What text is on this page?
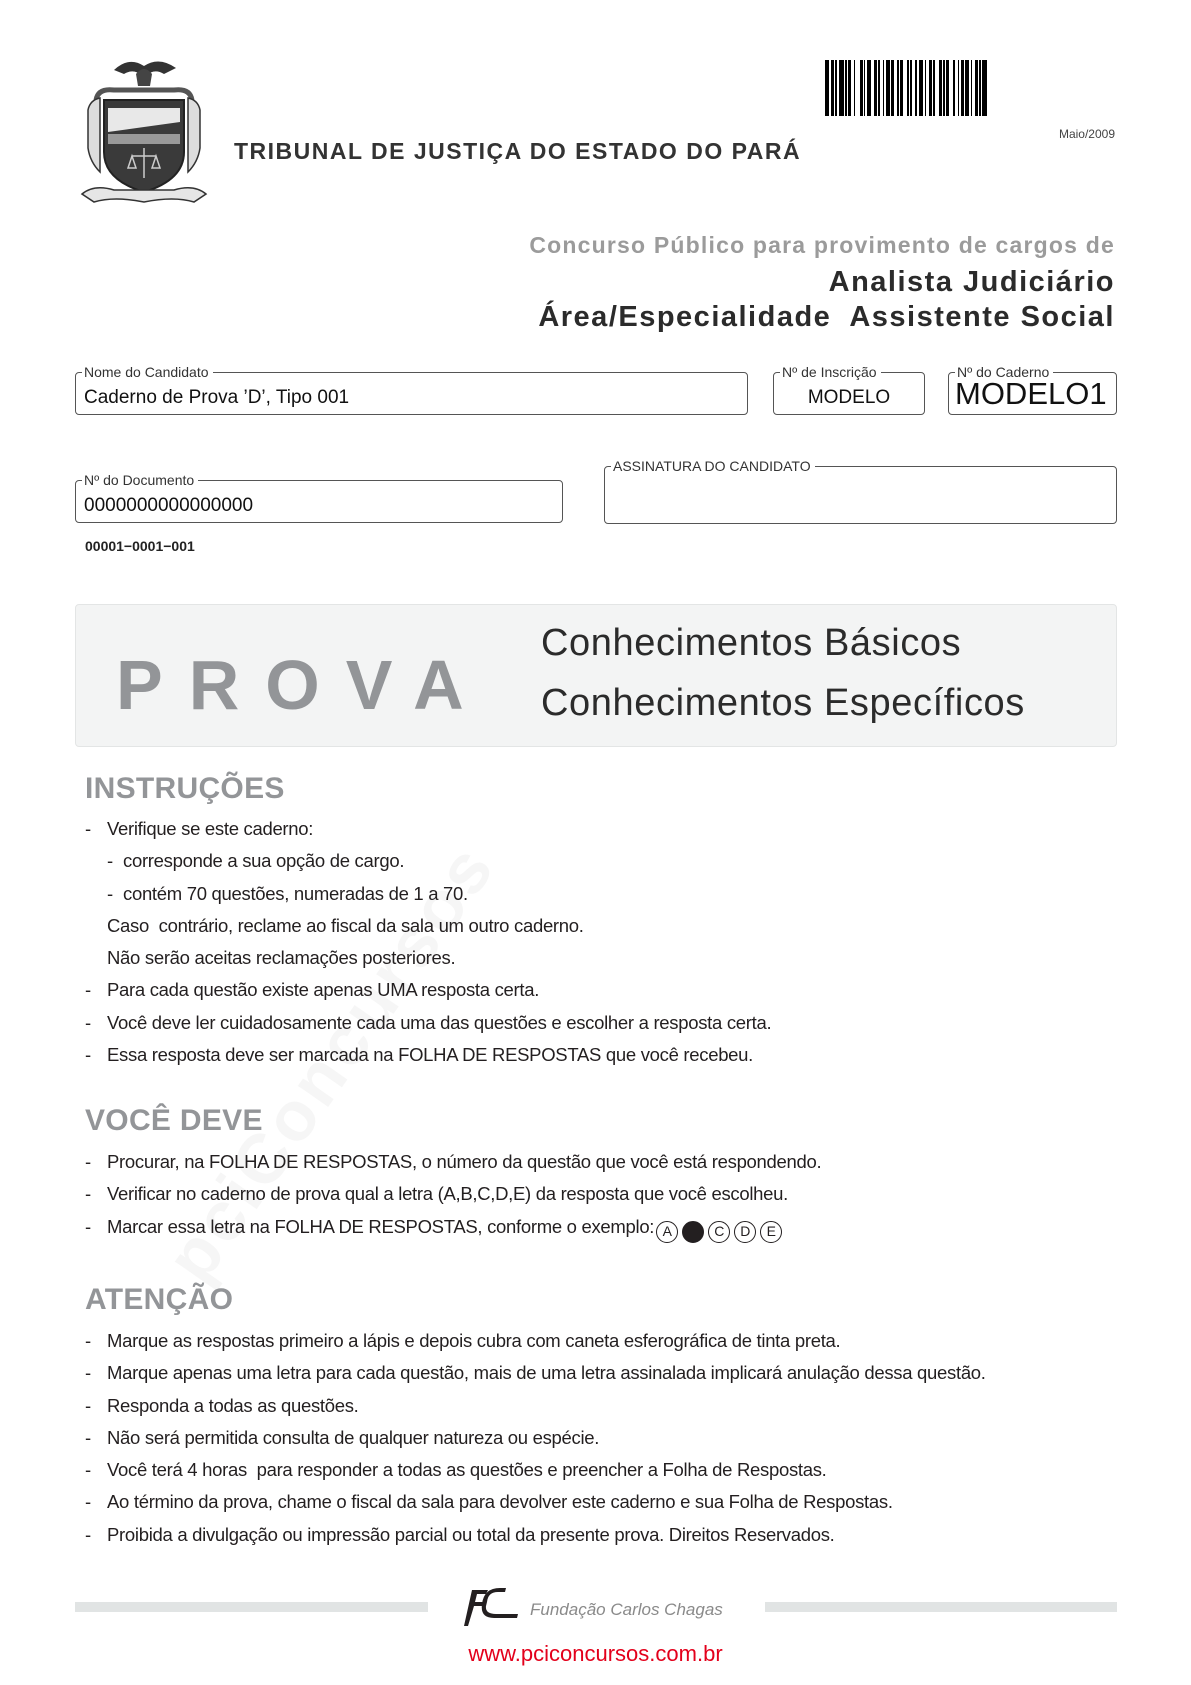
Maio/2009
TRIBUNAL DE JUSTIÇA DO ESTADO DO PARÁ
Concurso Público para provimento de cargos de
Analista Judiciário
Área/Especialidade  Assistente Social
Nome do Candidato
Caderno de Prova ’D’, Tipo 001
Nº de Inscrição
MODELO
Nº do Caderno
MODELO1
Nº do Documento
0000000000000000
ASSINATURA DO CANDIDATO
00001−0001−001
PROVA
Conhecimentos Básicos
Conhecimentos Específicos
INSTRUÇÕES
- Verifique se este caderno:
- corresponde a sua opção de cargo.
- contém 70 questões, numeradas de 1 a 70.
Caso  contrário, reclame ao fiscal da sala um outro caderno.
Não serão aceitas reclamações posteriores.
- Para cada questão existe apenas UMA resposta certa.
- Você deve ler cuidadosamente cada uma das questões e escolher a resposta certa.
- Essa resposta deve ser marcada na FOLHA DE RESPOSTAS que você recebeu.
VOCÊ DEVE
- Procurar, na FOLHA DE RESPOSTAS, o número da questão que você está respondendo.
- Verificar no caderno de prova qual a letra (A,B,C,D,E) da resposta que você escolheu.
- Marcar essa letra na FOLHA DE RESPOSTAS, conforme o exemplo: A	C	D	E
ATENÇÃO
- Marque as respostas primeiro a lápis e depois cubra com caneta esferográfica de tinta preta.
- Marque apenas uma letra para cada questão, mais de uma letra assinalada implicará anulação dessa questão.
- Responda a todas as questões.
- Não será permitida consulta de qualquer natureza ou espécie.
- Você terá 4 horas  para responder a todas as questões e preencher a Folha de Respostas.
- Ao término da prova, chame o fiscal da sala para devolver este caderno e sua Folha de Respostas.
- Proibida a divulgação ou impressão parcial ou total da presente prova. Direitos Reservados.
Fundação Carlos Chagas
www.pciconcursos.com.br
